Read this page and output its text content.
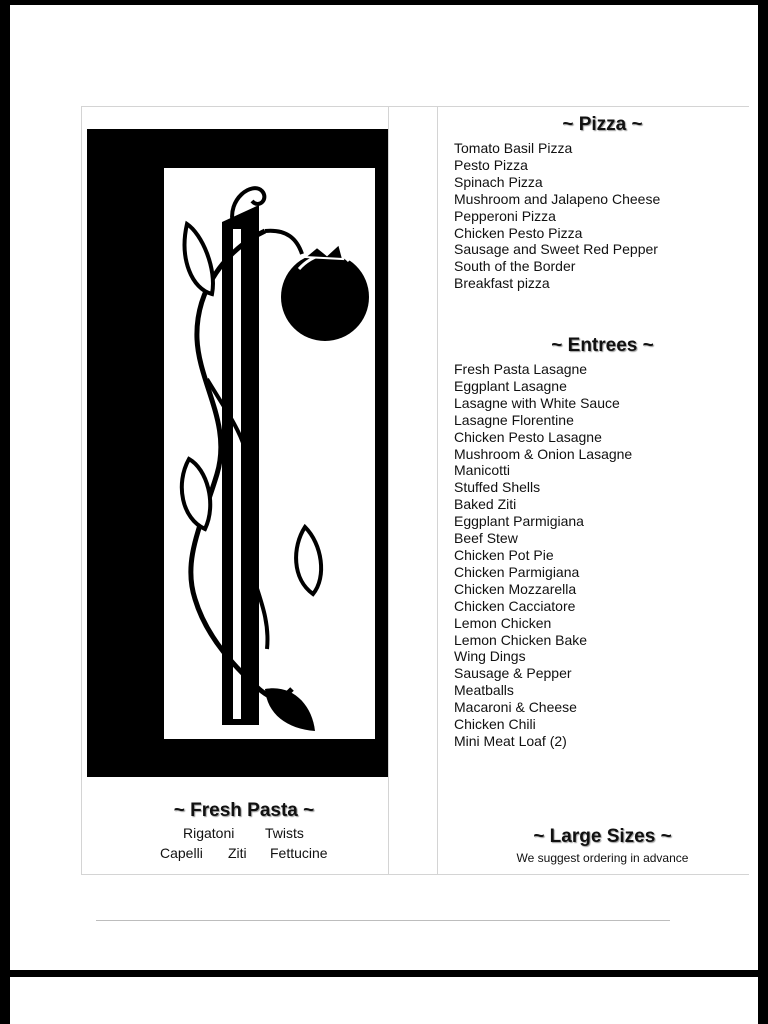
~ Fresh Pasta ~
Rigatoni Twists
Capelli Ziti Fettucine
~ Pizza ~
Tomato Basil Pizza
Pesto Pizza
Spinach Pizza
Mushroom and Jalapeno Cheese
Pepperoni Pizza
Chicken Pesto Pizza
Sausage and Sweet Red Pepper
South of the Border
Breakfast pizza
~ Entrees ~
Fresh Pasta Lasagne
Eggplant Lasagne
Lasagne with White Sauce
Lasagne Florentine
Chicken Pesto Lasagne
Mushroom & Onion Lasagne
Manicotti
Stuffed Shells
Baked Ziti
Eggplant Parmigiana
Beef Stew
Chicken Pot Pie
Chicken Parmigiana
Chicken Mozzarella
Chicken Cacciatore
Lemon Chicken
Lemon Chicken Bake
Wing Dings
Sausage & Pepper
Meatballs
Macaroni & Cheese
Chicken Chili
Mini Meat Loaf (2)
~ Large Sizes ~
We suggest ordering in advance
